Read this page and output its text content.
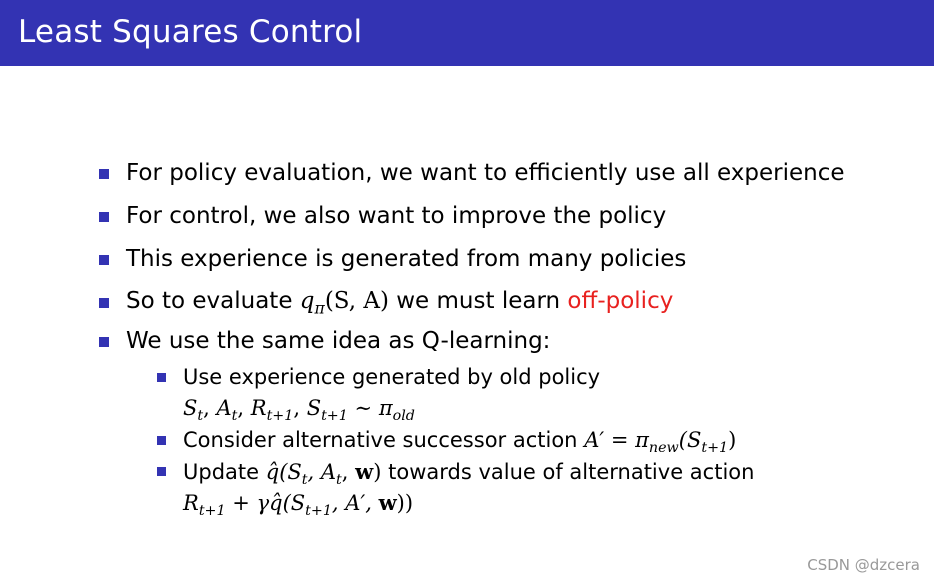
Least Squares Control
For policy evaluation, we want to efficiently use all experience
For control, we also want to improve the policy
This experience is generated from many policies
So to evaluate $q_\pi(S$, A) we must learn off-policy
We use the same idea as Q-learning:
Use experience generated by old policy
$S_t$, $A_t$, $R_{t+1}$, $S_{t+1}$ ∼ $\pi_{old}$
Consider alternative successor action $A' = \pi_{new}(S_{t+1})$
Update $q̂(S_t$, $A_t$, w) towards value of alternative action
$R_{t+1}$ + $\gamma q̂(S_{t+1}$, A′, w))
CSDN @dzcera
